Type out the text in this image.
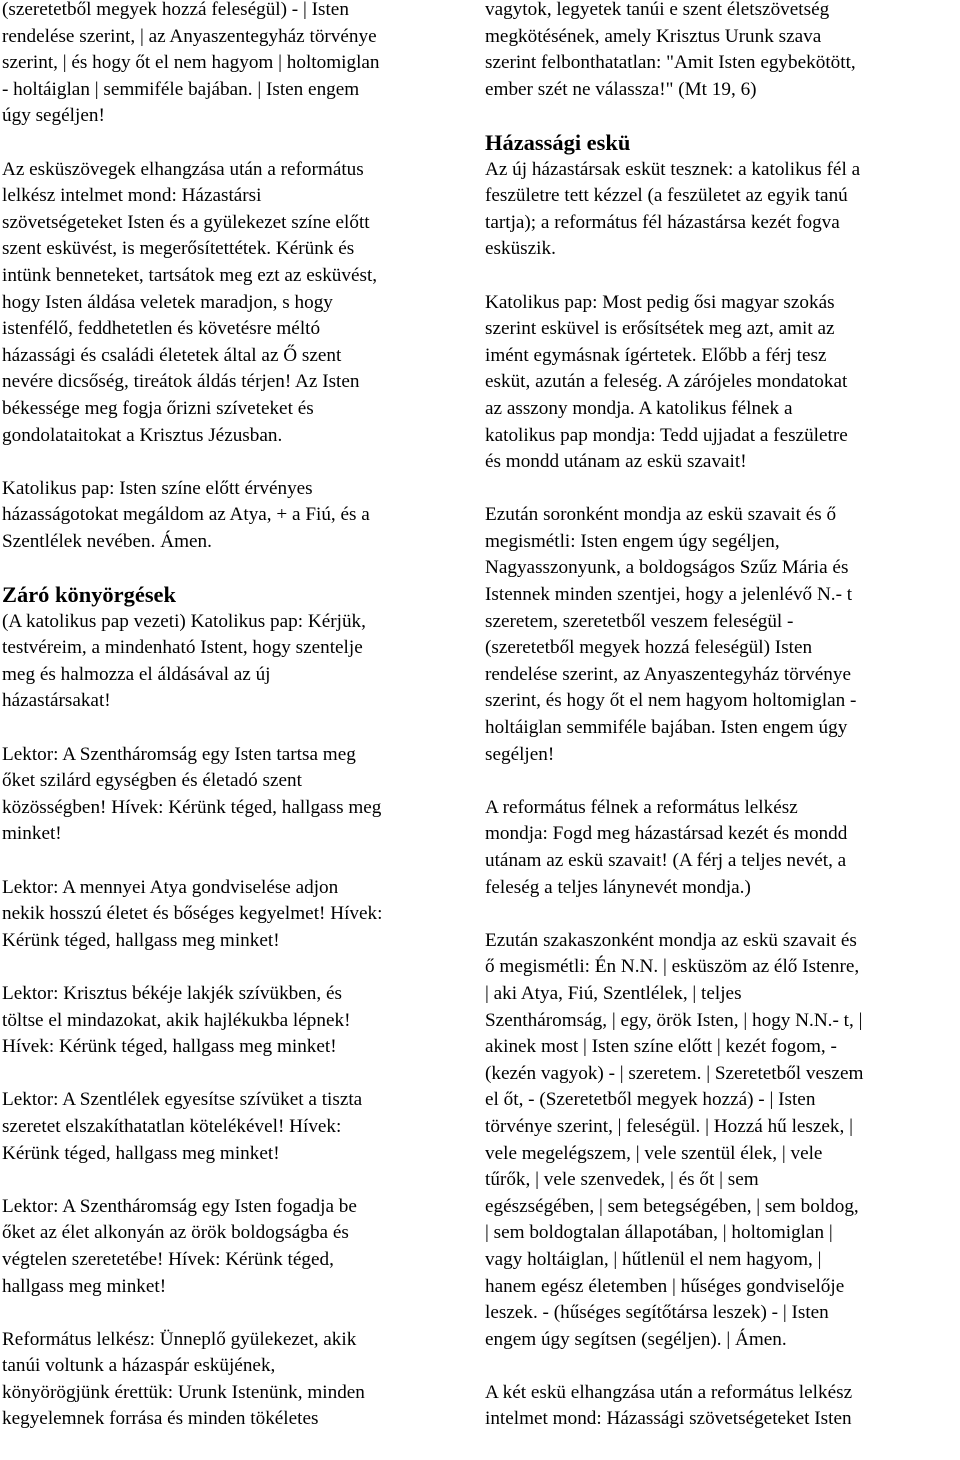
(szeretetből megyek hozzá feleségül) - | Isten
rendelése szerint, | az Anyaszentegyház törvénye
szerint, | és hogy őt el nem hagyom | holtomiglan
- holtáiglan | semmiféle bajában. | Isten engem
úgy segéljen!

Az esküszövegek elhangzása után a református
lelkész intelmet mond: Házastársi
szövetségeteket Isten és a gyülekezet színe előtt
szent esküvést, is megerősítettétek. Kérünk és
intünk benneteket, tartsátok meg ezt az esküvést,
hogy Isten áldása veletek maradjon, s hogy
istenfélő, feddhetetlen és követésre méltó
házassági és családi életetek által az Ő szent
nevére dicsőség, tireátok áldás térjen! Az Isten
békessége meg fogja őrizni szíveteket és
gondolataitokat a Krisztus Jézusban.

Katolikus pap: Isten színe előtt érvényes
házasságotokat megáldom az Atya, + a Fiú, és a
Szentlélek nevében. Ámen.

Záró könyörgések

(A katolikus pap vezeti) Katolikus pap: Kérjük,
testvéreim, a mindenható Istent, hogy szentelje
meg és halmozza el áldásával az új
házastársakat!

Lektor: A Szentháromság egy Isten tartsa meg
őket szilárd egységben és életadó szent
közösségben! Hívek: Kérünk téged, hallgass meg
minket!

Lektor: A mennyei Atya gondviselése adjon
nekik hosszú életet és bőséges kegyelmet! Hívek:
Kérünk téged, hallgass meg minket!

Lektor: Krisztus békéje lakjék szívükben, és
töltse el mindazokat, akik hajlékukba lépnek!
Hívek: Kérünk téged, hallgass meg minket!

Lektor: A Szentlélek egyesítse szívüket a tiszta
szeretet elszakíthatatlan kötelékével! Hívek:
Kérünk téged, hallgass meg minket!

Lektor: A Szentháromság egy Isten fogadja be
őket az élet alkonyán az örök boldogságba és
végtelen szeretetébe! Hívek: Kérünk téged,
hallgass meg minket!

Református lelkész: Ünneplő gyülekezet, akik
tanúi voltunk a házaspár esküjének,
könyörögjünk érettük: Urunk Istenünk, minden
kegyelemnek forrása és minden tökéletes

vagytok, legyetek tanúi e szent életszövetség
megkötésének, amely Krisztus Urunk szava
szerint felbonthatatlan: "Amit Isten egybekötött,
ember szét ne válassza!" (Mt 19, 6)

Házassági eskü

Az új házastársak esküt tesznek: a katolikus fél a
feszületre tett kézzel (a feszületet az egyik tanú
tartja); a református fél házastársa kezét fogva
esküszik.

Katolikus pap: Most pedig ősi magyar szokás
szerint esküvel is erősítsétek meg azt, amit az
imént egymásnak ígértetek. Előbb a férj tesz
esküt, azután a feleség. A zárójeles mondatokat
az asszony mondja. A katolikus félnek a
katolikus pap mondja: Tedd ujjadat a feszületre
és mondd utánam az eskü szavait!

Ezután soronként mondja az eskü szavait és ő
megismétli: Isten engem úgy segéljen,
Nagyasszonyunk, a boldogságos Szűz Mária és
Istennek minden szentjei, hogy a jelenlévő N.- t
szeretem, szeretetből veszem feleségül -
(szeretetből megyek hozzá feleségül) Isten
rendelése szerint, az Anyaszentegyház törvénye
szerint, és hogy őt el nem hagyom holtomiglan -
holtáiglan semmiféle bajában. Isten engem úgy
segéljen!

A református félnek a református lelkész
mondja: Fogd meg házastársad kezét és mondd
utánam az eskü szavait! (A férj a teljes nevét, a
feleség a teljes lánynevét mondja.)

Ezután szakaszonként mondja az eskü szavait és
ő megismétli: Én N.N. | esküszöm az élő Istenre,
| aki Atya, Fiú, Szentlélek, | teljes
Szentháromság, | egy, örök Isten, | hogy N.N.- t, |
akinek most | Isten színe előtt | kezét fogom, -
(kezén vagyok) - | szeretem. | Szeretetből veszem
el őt, - (Szeretetből megyek hozzá) - | Isten
törvénye szerint, | feleségül. | Hozzá hű leszek, |
vele megelégszem, | vele szentül élek, | vele
tűrők, | vele szenvedek, | és őt | sem
egészségében, | sem betegségében, | sem boldog,
| sem boldogtalan állapotában, | holtomiglan |
vagy holtáiglan, | hűtlenül el nem hagyom, |
hanem egész életemben | hűséges gondviselője
leszek. - (hűséges segítőtársa leszek) - | Isten
engem úgy segítsen (segéljen). | Ámen.

A két eskü elhangzása után a református lelkész
intelmet mond: Házassági szövetségeteket Isten
